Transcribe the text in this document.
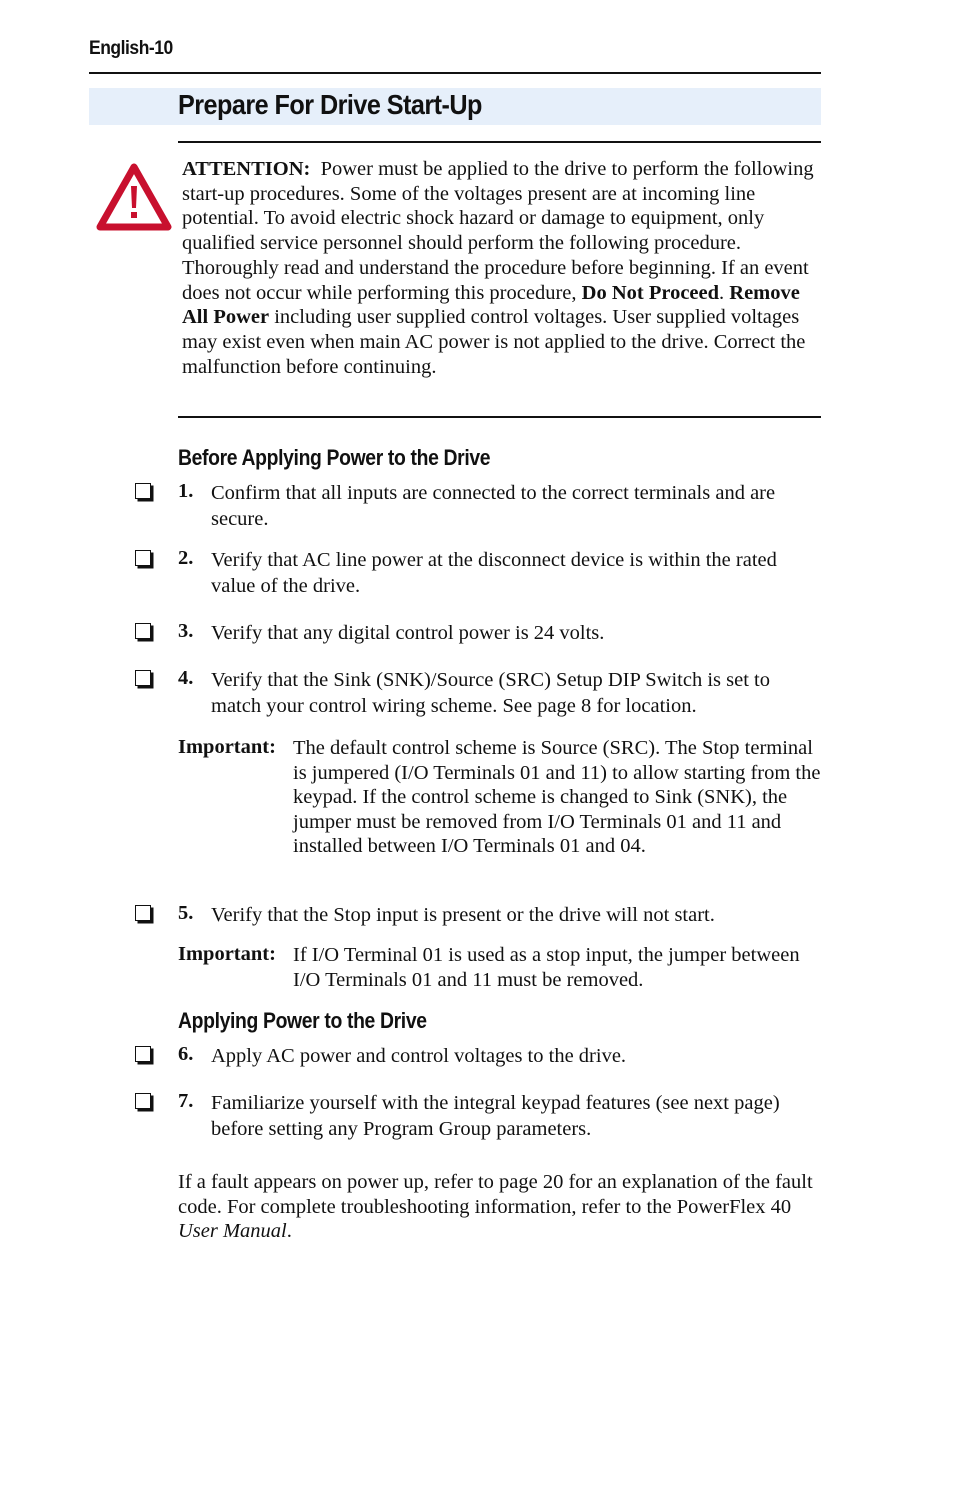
English-10
Prepare For Drive Start-Up
ATTENTION: Power must be applied to the drive to perform the following start-up procedures. Some of the voltages present are at incoming line potential. To avoid electric shock hazard or damage to equipment, only qualified service personnel should perform the following procedure. Thoroughly read and understand the procedure before beginning. If an event does not occur while performing this procedure, Do Not Proceed. Remove All Power including user supplied control voltages. User supplied voltages may exist even when main AC power is not applied to the drive. Correct the malfunction before continuing.
Before Applying Power to the Drive
1. Confirm that all inputs are connected to the correct terminals and are secure.
2. Verify that AC line power at the disconnect device is within the rated value of the drive.
3. Verify that any digital control power is 24 volts.
4. Verify that the Sink (SNK)/Source (SRC) Setup DIP Switch is set to match your control wiring scheme. See page 8 for location.
Important: The default control scheme is Source (SRC). The Stop terminal is jumpered (I/O Terminals 01 and 11) to allow starting from the keypad. If the control scheme is changed to Sink (SNK), the jumper must be removed from I/O Terminals 01 and 11 and installed between I/O Terminals 01 and 04.
5. Verify that the Stop input is present or the drive will not start.
Important: If I/O Terminal 01 is used as a stop input, the jumper between I/O Terminals 01 and 11 must be removed.
Applying Power to the Drive
6. Apply AC power and control voltages to the drive.
7. Familiarize yourself with the integral keypad features (see next page) before setting any Program Group parameters.
If a fault appears on power up, refer to page 20 for an explanation of the fault code. For complete troubleshooting information, refer to the PowerFlex 40 User Manual.
